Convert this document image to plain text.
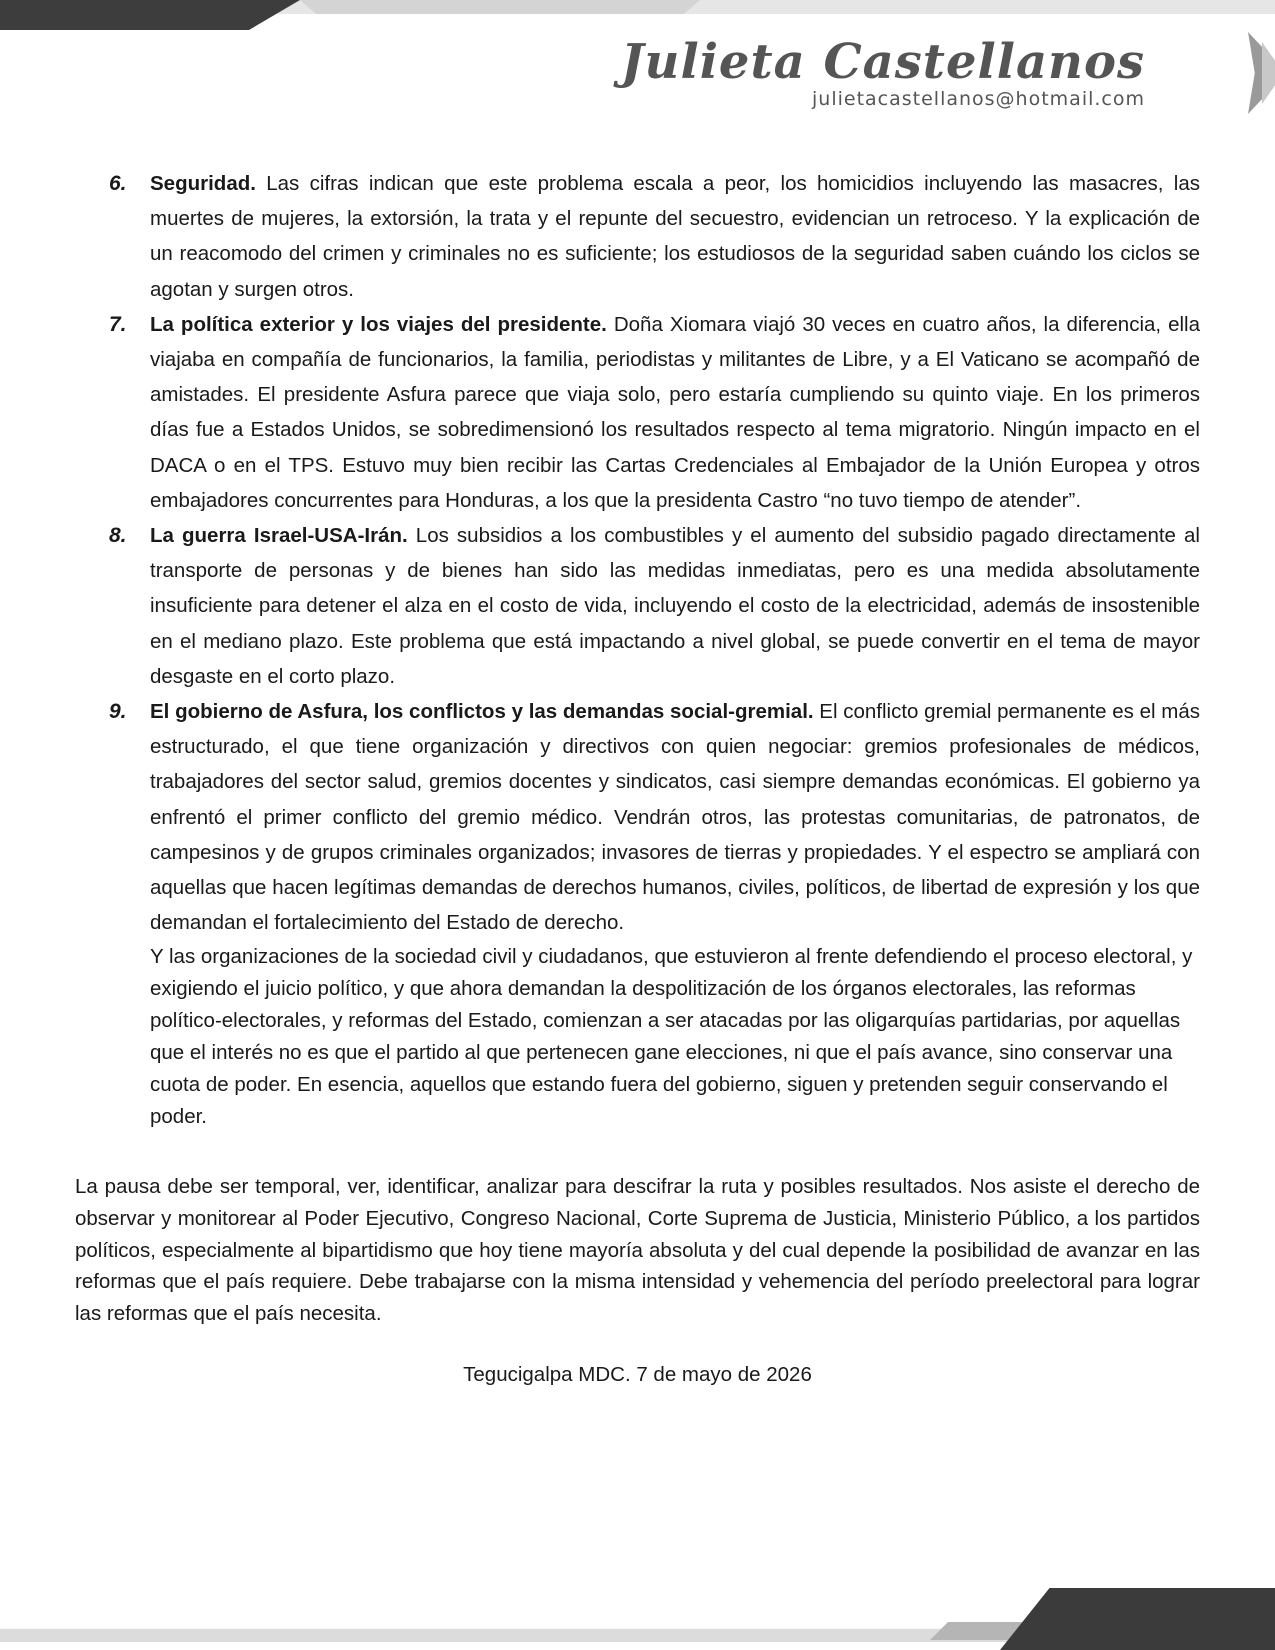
Julieta Castellanos
julietacastellanos@hotmail.com
6. Seguridad. Las cifras indican que este problema escala a peor, los homicidios incluyendo las masacres, las muertes de mujeres, la extorsión, la trata y el repunte del secuestro, evidencian un retroceso. Y la explicación de un reacomodo del crimen y criminales no es suficiente; los estudiosos de la seguridad saben cuándo los ciclos se agotan y surgen otros.
7. La política exterior y los viajes del presidente. Doña Xiomara viajó 30 veces en cuatro años, la diferencia, ella viajaba en compañía de funcionarios, la familia, periodistas y militantes de Libre, y a El Vaticano se acompañó de amistades. El presidente Asfura parece que viaja solo, pero estaría cumpliendo su quinto viaje. En los primeros días fue a Estados Unidos, se sobredimensionó los resultados respecto al tema migratorio. Ningún impacto en el DACA o en el TPS. Estuvo muy bien recibir las Cartas Credenciales al Embajador de la Unión Europea y otros embajadores concurrentes para Honduras, a los que la presidenta Castro “no tuvo tiempo de atender”.
8. La guerra Israel-USA-Irán. Los subsidios a los combustibles y el aumento del subsidio pagado directamente al transporte de personas y de bienes han sido las medidas inmediatas, pero es una medida absolutamente insuficiente para detener el alza en el costo de vida, incluyendo el costo de la electricidad, además de insostenible en el mediano plazo. Este problema que está impactando a nivel global, se puede convertir en el tema de mayor desgaste en el corto plazo.
9. El gobierno de Asfura, los conflictos y las demandas social-gremial. El conflicto gremial permanente es el más estructurado, el que tiene organización y directivos con quien negociar: gremios profesionales de médicos, trabajadores del sector salud, gremios docentes y sindicatos, casi siempre demandas económicas. El gobierno ya enfrentó el primer conflicto del gremio médico. Vendrán otros, las protestas comunitarias, de patronatos, de campesinos y de grupos criminales organizados; invasores de tierras y propiedades. Y el espectro se ampliará con aquellas que hacen legítimas demandas de derechos humanos, civiles, políticos, de libertad de expresión y los que demandan el fortalecimiento del Estado de derecho.
Y las organizaciones de la sociedad civil y ciudadanos, que estuvieron al frente defendiendo el proceso electoral, y exigiendo el juicio político, y que ahora demandan la despolitización de los órganos electorales, las reformas político-electorales, y reformas del Estado, comienzan a ser atacadas por las oligarquías partidarias, por aquellas que el interés no es que el partido al que pertenecen gane elecciones, ni que el país avance, sino conservar una cuota de poder. En esencia, aquellos que estando fuera del gobierno, siguen y pretenden seguir conservando el poder.
La pausa debe ser temporal, ver, identificar, analizar para descifrar la ruta y posibles resultados. Nos asiste el derecho de observar y monitorear al Poder Ejecutivo, Congreso Nacional, Corte Suprema de Justicia, Ministerio Público, a los partidos políticos, especialmente al bipartidismo que hoy tiene mayoría absoluta y del cual depende la posibilidad de avanzar en las reformas que el país requiere. Debe trabajarse con la misma intensidad y vehemencia del período preelectoral para lograr las reformas que el país necesita.
Tegucigalpa MDC. 7 de mayo de 2026
